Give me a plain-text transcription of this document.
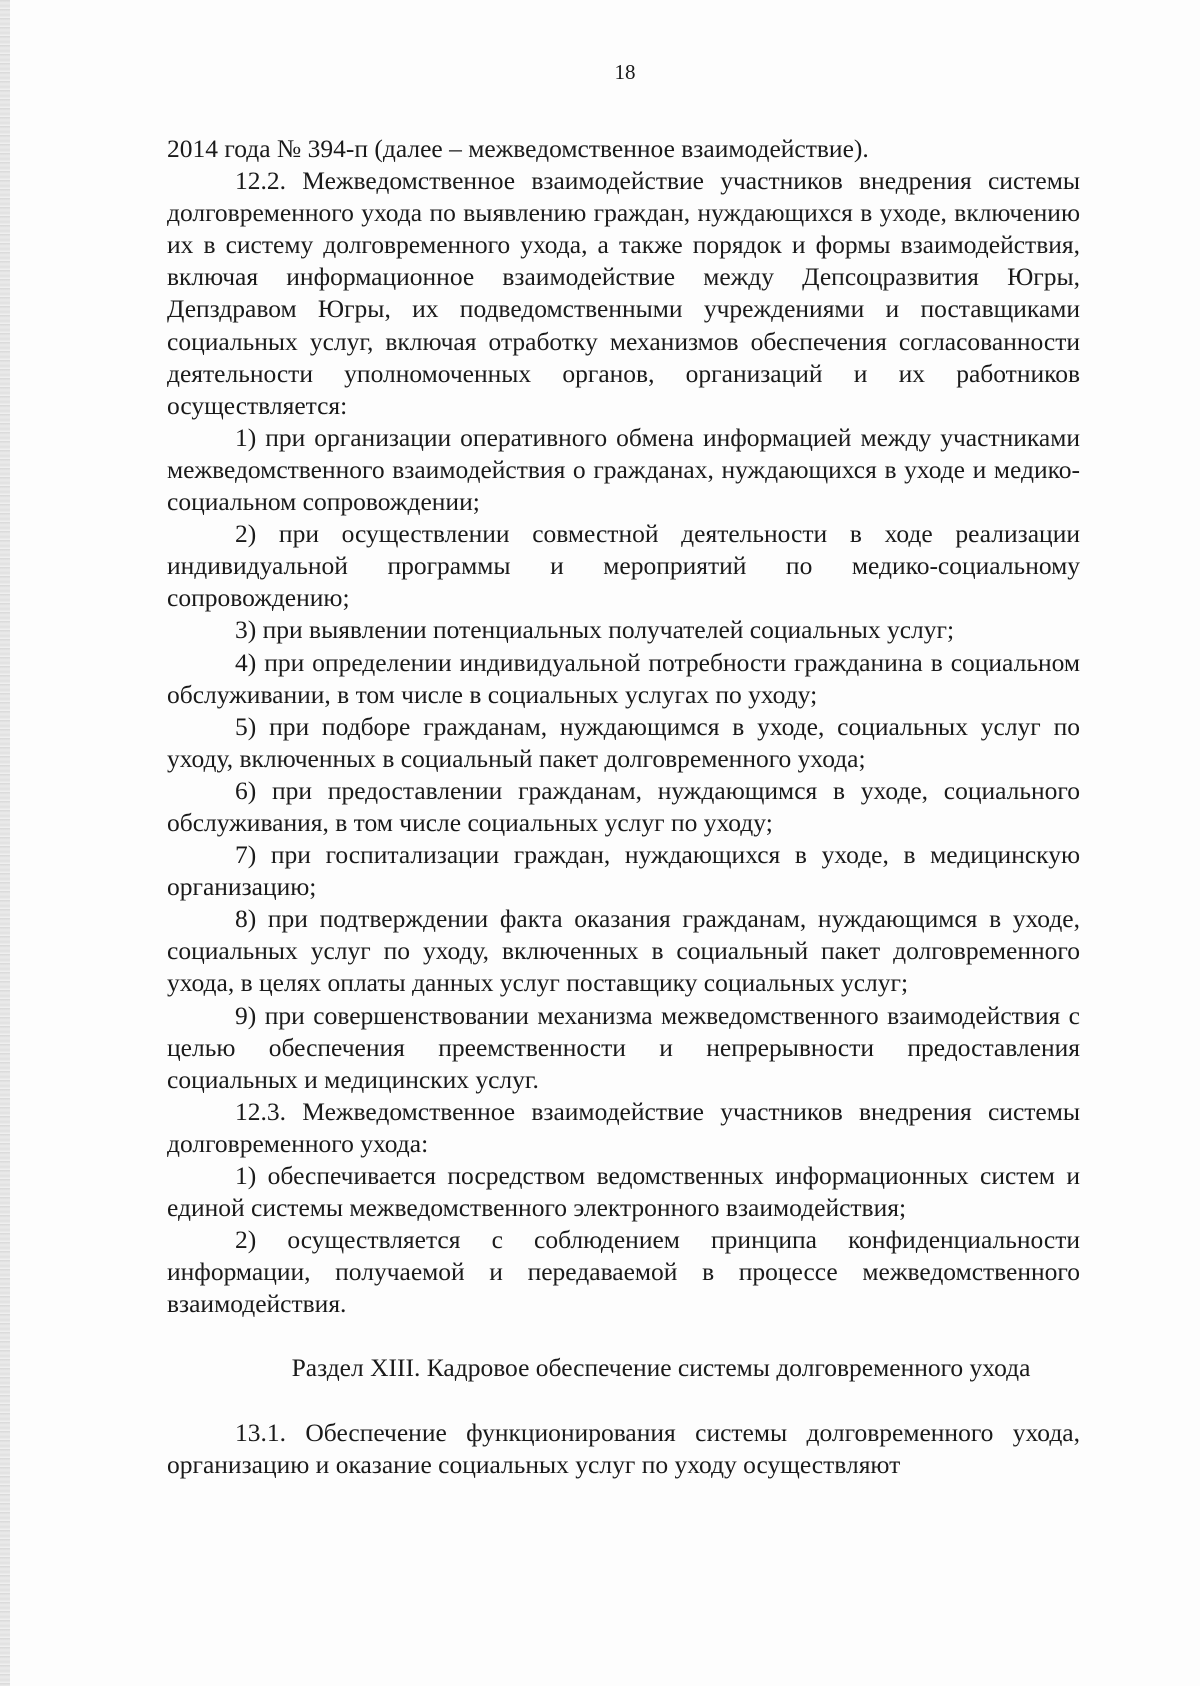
18

2014 года № 394-п (далее – межведомственное взаимодействие).

12.2. Межведомственное взаимодействие участников внедрения системы долговременного ухода по выявлению граждан, нуждающихся в уходе, включению их в систему долговременного ухода, а также порядок и формы взаимодействия, включая информационное взаимодействие между Депсоцразвития Югры, Депздравом Югры, их подведомственными учреждениями и поставщиками социальных услуг, включая отработку механизмов обеспечения согласованности деятельности уполномоченных органов, организаций и их работников осуществляется:

1) при организации оперативного обмена информацией между участниками межведомственного взаимодействия о гражданах, нуждающихся в уходе и медико-социальном сопровождении;

2) при осуществлении совместной деятельности в ходе реализации индивидуальной программы и мероприятий по медико-социальному сопровождению;

3) при выявлении потенциальных получателей социальных услуг;

4) при определении индивидуальной потребности гражданина в социальном обслуживании, в том числе в социальных услугах по уходу;

5) при подборе гражданам, нуждающимся в уходе, социальных услуг по уходу, включенных в социальный пакет долговременного ухода;

6) при предоставлении гражданам, нуждающимся в уходе, социального обслуживания, в том числе социальных услуг по уходу;

7) при госпитализации граждан, нуждающихся в уходе, в медицинскую организацию;

8) при подтверждении факта оказания гражданам, нуждающимся в уходе, социальных услуг по уходу, включенных в социальный пакет долговременного ухода, в целях оплаты данных услуг поставщику социальных услуг;

9) при совершенствовании механизма межведомственного взаимодействия с целью обеспечения преемственности и непрерывности предоставления социальных и медицинских услуг.

12.3. Межведомственное взаимодействие участников внедрения системы долговременного ухода:

1) обеспечивается посредством ведомственных информационных систем и единой системы межведомственного электронного взаимодействия;

2) осуществляется с соблюдением принципа конфиденциальности информации, получаемой и передаваемой в процессе межведомственного взаимодействия.

Раздел XIII. Кадровое обеспечение системы долговременного ухода

13.1. Обеспечение функционирования системы долговременного ухода, организацию и оказание социальных услуг по уходу осуществляют
